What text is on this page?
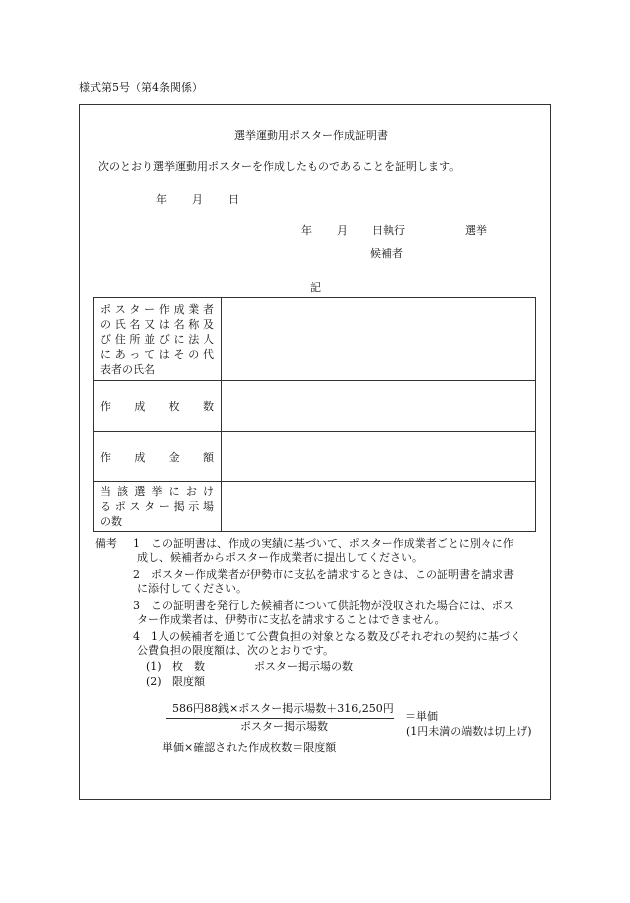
様式第5号（第4条関係）
選挙運動用ポスター作成証明書
次のとおり選挙運動用ポスターを作成したものであることを証明します。
年 月 日
年 月 日執行	選挙
候補者
記
ポスター作成業者
の氏名又は名称及
び住所並びに法人
にあってはその代
表者の氏名
作成枚数
作成金額
当該選挙におけ
るポスター掲示場
の数
備考 1　この証明書は、作成の実績に基づいて、ポスター作成業者ごとに別々に作
成し、候補者からポスター作成業者に提出してください。
2　ポスター作成業者が伊勢市に支払を請求するときは、この証明書を請求書
に添付してください。
3　この証明書を発行した候補者について供託物が没収された場合には、ポス
ター作成業者は、伊勢市に支払を請求することはできません。
4　1人の候補者を通じて公費負担の対象となる数及びそれぞれの契約に基づく
公費負担の限度額は、次のとおりです。
(1) 枚　数	ポスター掲示場の数
(2) 限度額
586円88銭×ポスター掲示場数＋316,250円
ポスター掲示場数
＝単価
(1円未満の端数は切上げ)
単価×確認された作成枚数＝限度額
